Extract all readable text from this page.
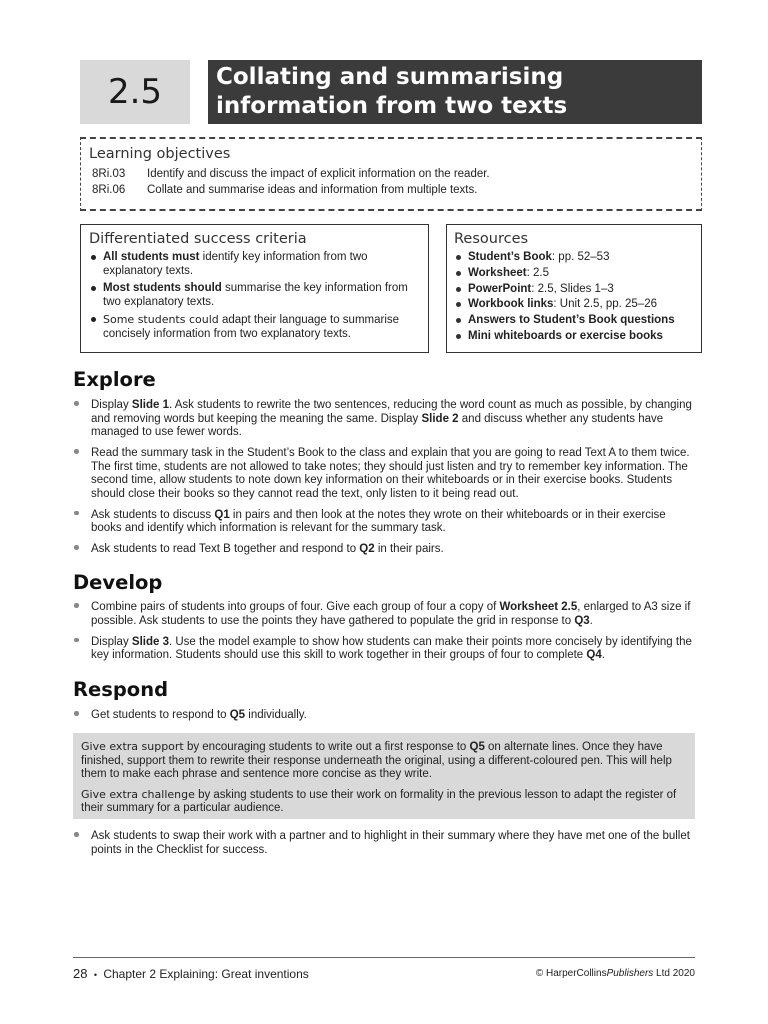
2.5	Collating and summarising
information from two texts
Learning objectives
8Ri.03	Identify and discuss the impact of explicit information on the reader.
8Ri.06	Collate and summarise ideas and information from multiple texts.
Differentiated success criteria
All students must identify key information from two explanatory texts.
Most students should summarise the key information from two explanatory texts.
Some students could adapt their language to summarise concisely information from two explanatory texts.
Resources
Student’s Book: pp. 52–53
Worksheet: 2.5
PowerPoint: 2.5, Slides 1–3
Workbook links: Unit 2.5, pp. 25–26
Answers to Student’s Book questions
Mini whiteboards or exercise books
Explore
Display Slide 1. Ask students to rewrite the two sentences, reducing the word count as much as possible, by changing and removing words but keeping the meaning the same. Display Slide 2 and discuss whether any students have managed to use fewer words.
Read the summary task in the Student’s Book to the class and explain that you are going to read Text A to them twice. The first time, students are not allowed to take notes; they should just listen and try to remember key information. The second time, allow students to note down key information on their whiteboards or in their exercise books. Students should close their books so they cannot read the text, only listen to it being read out.
Ask students to discuss Q1 in pairs and then look at the notes they wrote on their whiteboards or in their exercise books and identify which information is relevant for the summary task.
Ask students to read Text B together and respond to Q2 in their pairs.
Develop
Combine pairs of students into groups of four. Give each group of four a copy of Worksheet 2.5, enlarged to A3 size if possible. Ask students to use the points they have gathered to populate the grid in response to Q3.
Display Slide 3. Use the model example to show how students can make their points more concisely by identifying the key information. Students should use this skill to work together in their groups of four to complete Q4.
Respond
Get students to respond to Q5 individually.

Give extra support by encouraging students to write out a first response to Q5 on alternate lines. Once they have finished, support them to rewrite their response underneath the original, using a different-coloured pen. This will help them to make each phrase and sentence more concise as they write.

Give extra challenge by asking students to use their work on formality in the previous lesson to adapt the register of their summary for a particular audience.

Ask students to swap their work with a partner and to highlight in their summary where they have met one of the bullet points in the Checklist for success.
28 • Chapter 2 Explaining: Great inventions	© HarperCollinsPublishers Ltd 2020
